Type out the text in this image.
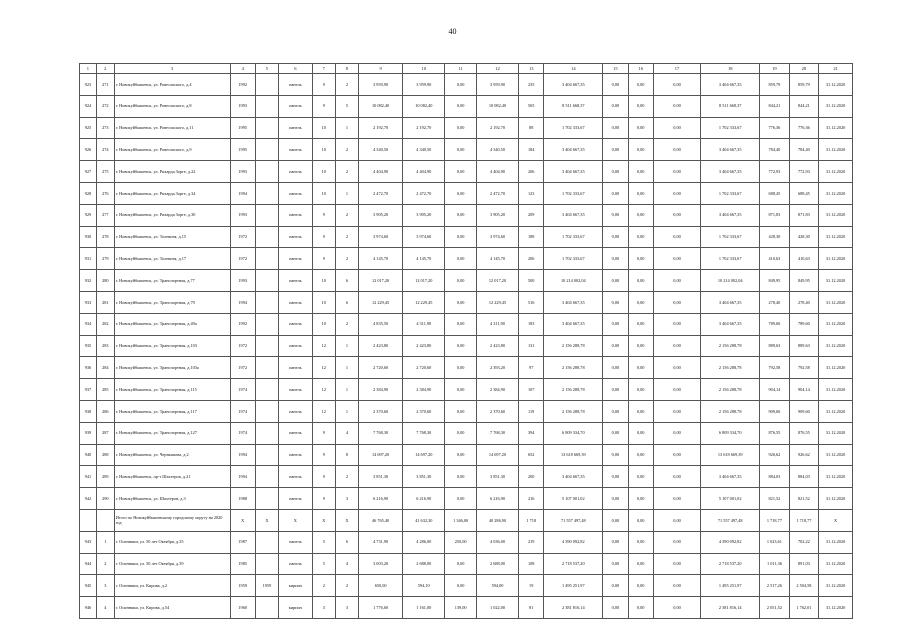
40
1	2	3	4	5	6	7	8	9	10	11	12	13	14	15	16	17	18	19	20	21
923	271	г. Новокуйбышевск, ул. Ровесокского, д.4	1992		панель	9	2	3 959,90	3 959,90	0,00	3 959,90	235	3 404 667,35	0,00	0,00	0,00	3 404 667,35	859,79	859,79	31.12.2020
924	272	г. Новокуйбышевск, ул. Ровесокского, д.8	1993		панель	9	5	10 082,40	10 082,40	0,00	10 082,40	565	8 511 668,37	0,00	0,00	0,00	8 511 668,37	844,21	844,21	31.12.2020
925	273	г. Новокуйбышевск, ул. Ровесокского, д.11	1995		панель	10	1	2 192,70	2 192,70	0,00	2 192,70	88	1 702 333,67	0,00	0,00	0,00	1 702 333,67	776,36	776,36	31.12.2020
926	274	г. Новокуйбышевск, ул. Ровесокского, д.9	1995		панель	10	2	4 340,50	4 340,50	0,00	4 340,50	184	3 404 667,35	0,00	0,00	0,00	3 404 667,35	784,40	784,40	31.12.2020
927	275	г. Новокуйбышевск, ул. Рихарда Зорге, д.22	1993		панель	10	2	4 404,90	4 404,90	0,00	4 404,90	206	3 404 667,35	0,00	0,00	0,00	3 404 667,35	772,93	772,93	31.12.2020
928	276	г. Новокуйбышевск, ул. Рихарда Зорге, д.34	1994		панель	10	1	2 472,70	2 472,70	0,00	2 472,70	123	1 702 333,67	0,00	0,00	0,00	1 702 333,67	688,45	688,45	31.12.2020
929	277	г. Новокуйбышевск, ул. Рихарда Зорге, д.30	1993		панель	9	2	3 905,20	3 905,20	0,00	3 905,20	209	3 404 667,35	0,00	0,00	0,00	3 404 667,35	871,83	871,83	31.12.2020
930	278	г. Новокуйбышевск, ул. Толевитя, д.15	1972		панель	9	2	3 974,60	3 974,60	0,00	3 974,60	188	1 702 333,67	0,00	0,00	0,00	1 702 333,67	428,30	428,30	31.12.2020
931	279	г. Новокуйбышевск, ул. Толевитя, д.17	1972		панель	9	2	4 145,70	4 145,70	0,00	4 145,70	206	1 702 333,67	0,00	0,00	0,00	1 702 333,67	410,63	410,63	31.12.2020
932	280	г. Новокуйбышевск, ул. Транспортная, д.77	1993		панель	10	6	12 017,20	12 017,20	0,00	12 017,20	500	10 214 002,04	0,00	0,00	0,00	10 214 002,04	849,95	849,95	31.12.2020
933	281	г. Новокуйбышевск, ул. Транспортная, д.79	1994		панель	10	6	12 229,45	12 229,45	0,00	12 229,45	516	3 404 667,35	0,00	0,00	0,00	3 404 667,35	278,40	278,40	31.12.2020
934	282	г. Новокуйбышевск, ул. Транспортная, д.49а	1992		панель	10	2	4 835,50	4 311,90	0,00	4 311,90	183	3 404 667,35	0,00	0,00	0,00	3 404 667,35	789,60	789,60	31.12.2020
935	283	г. Новокуйбышевск, ул. Транспортная, д.103	1972		панель	12	1	2 423,80	2 423,80	0,00	2 423,80	131	2 156 288,78	0,00	0,00	0,00	2 156 288,78	889,63	889,63	31.12.2020
936	284	г. Новокуйбышевск, ул. Транспортная, д.103а	1972		панель	12	1	2 720,60	2 720,60	0,00	2 393,20	97	2 156 288,78	0,00	0,00	0,00	2 156 288,78	792,58	792,58	31.12.2020
937	285	г. Новокуйбышевск, ул. Транспортная, д.115	1974		панель	12	1	2 384,90	2 384,90	0,00	2 384,90	107	2 156 288,78	0,00	0,00	0,00	2 156 288,78	904,14	904,14	31.12.2020
938	286	г. Новокуйбышевск, ул. Транспортная, д.117	1974		панель	12	1	2 370,60	2 370,60	0,00	2 370,60	119	2 156 288,78	0,00	0,00	0,00	2 156 288,78	909,60	909,60	31.12.2020
939	287	г. Новокуйбышевск, ул. Транспортная, д.127	1974		панель	9	4	7 768,30	7 768,30	0,00	7 768,30	394	6 809 334,70	0,00	0,00	0,00	6 809 334,70	876,55	876,55	31.12.2020
940	288	г. Новокуйбышевск, ул. Чернышова, д.2	1994		панель	9	8	14 697,20	14 697,20	0,00	14 697,20	652	13 618 669,39	0,00	0,00	0,00	13 618 669,39	926,62	926,62	31.12.2020
941	289	г. Новокуйбышевск, пр-т Шахтеров, д.21	1994		панель	9	2	3 851,30	3 851,30	0,00	3 851,30	200	3 404 667,35	0,00	0,00	0,00	3 404 667,35	884,03	884,03	31.12.2020
942	290	г. Новокуйбышевск, ул. Шахтеров, д.3	1988		панель	9	3	6 216,90	6 216,90	0,00	6 216,90	216	5 107 001,02	0,00	0,00	0,00	5 107 001,02	821,52	821,52	31.12.2020
		Итого по Новокуйбышевскому городскому округу на 2020 год	X	X	X	X	X	46 765,40	41 632,30	1 346,00	40 286,90	1 718	71 557 497,48	0,00	0,00	0,00	71 557 497,48	1 718,77	1 718,77	X
943	1	г. Осинники, ул. 50 лет Октября, д.35	1987		панель	5	6	4 731,90	4 286,00	250,00	4 036,00	219	4 390 092,82	0,00	0,00	0,00	4 390 092,82	1 023,61	702,22	31.12.2020
944	2	г. Осинники, ул. 50 лет Октября, д.39	1985		панель	5	4	3 003,20	2 688,00	0,00	2 688,00	108	2 718 537,20	0,00	0,00	0,00	2 718 537,20	1 011,36	891,03	31.12.2020
945	3	г. Осинники, ул. Кирова, д.2	1959	1959	кирпич	2	2	650,00	594,10	0,00	594,00	19	1 495 251,97	0,00	0,00	0,00	1 495 251,97	2 517,26	2 504,58	31.12.2020
946	4	г. Осинники, ул. Кирова, д.54	1960		кирпич	3	3	1 776,60	1 161,00	139,00	1 022,00	81	2 381 816,14	0,00	0,00	0,00	2 381 816,14	2 051,52	1 762,01	31.12.2020
